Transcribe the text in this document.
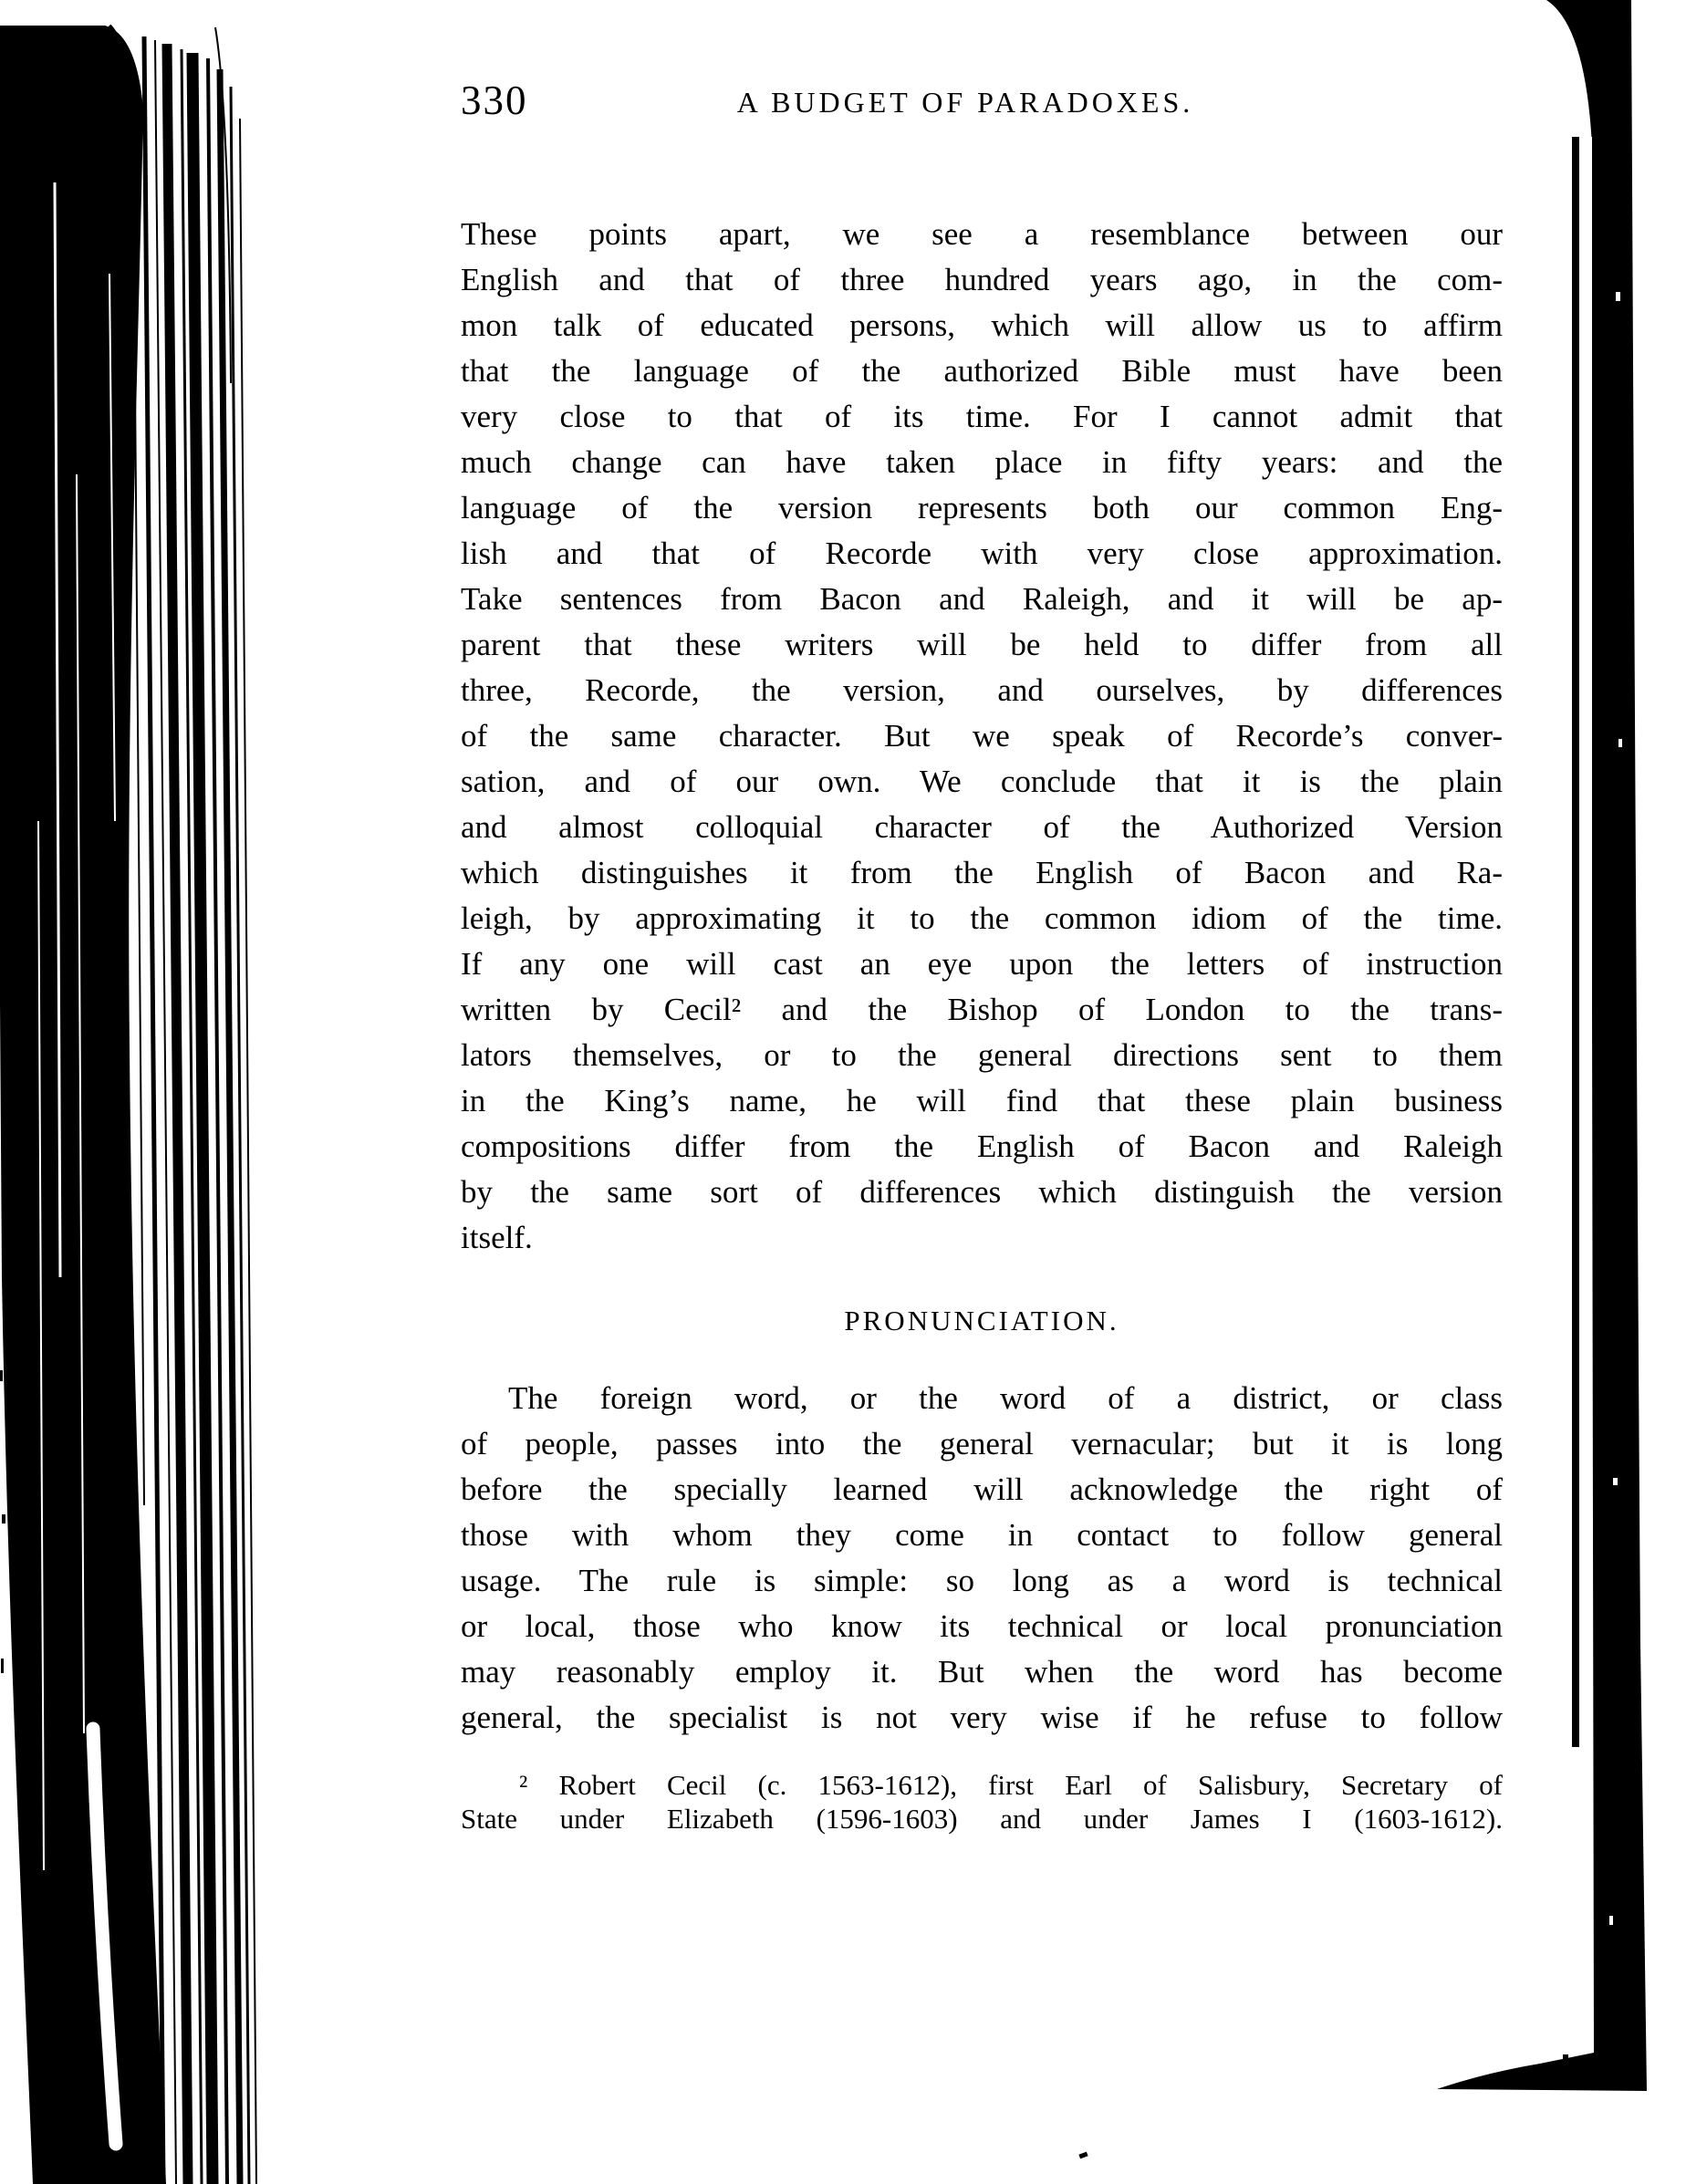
330	A BUDGET OF PARADOXES.
These points apart, we see a resemblance between our
English and that of three hundred years ago, in the com-
mon talk of educated persons, which will allow us to affirm
that the language of the authorized Bible must have been
very close to that of its time. For I cannot admit that
much change can have taken place in fifty years: and the
language of the version represents both our common Eng-
lish and that of Recorde with very close approximation.
Take sentences from Bacon and Raleigh, and it will be ap-
parent that these writers will be held to differ from all
three, Recorde, the version, and ourselves, by differences
of the same character. But we speak of Recorde’s conver-
sation, and of our own. We conclude that it is the plain
and almost colloquial character of the Authorized Version
which distinguishes it from the English of Bacon and Ra-
leigh, by approximating it to the common idiom of the time.
If any one will cast an eye upon the letters of instruction
written by Cecil² and the Bishop of London to the trans-
lators themselves, or to the general directions sent to them
in the King’s name, he will find that these plain business
compositions differ from the English of Bacon and Raleigh
by the same sort of differences which distinguish the version
itself.
PRONUNCIATION.
The foreign word, or the word of a district, or class
of people, passes into the general vernacular; but it is long
before the specially learned will acknowledge the right of
those with whom they come in contact to follow general
usage. The rule is simple: so long as a word is technical
or local, those who know its technical or local pronunciation
may reasonably employ it. But when the word has become
general, the specialist is not very wise if he refuse to follow
² Robert Cecil (c. 1563-1612), first Earl of Salisbury, Secretary of
State under Elizabeth (1596-1603) and under James I (1603-1612).
